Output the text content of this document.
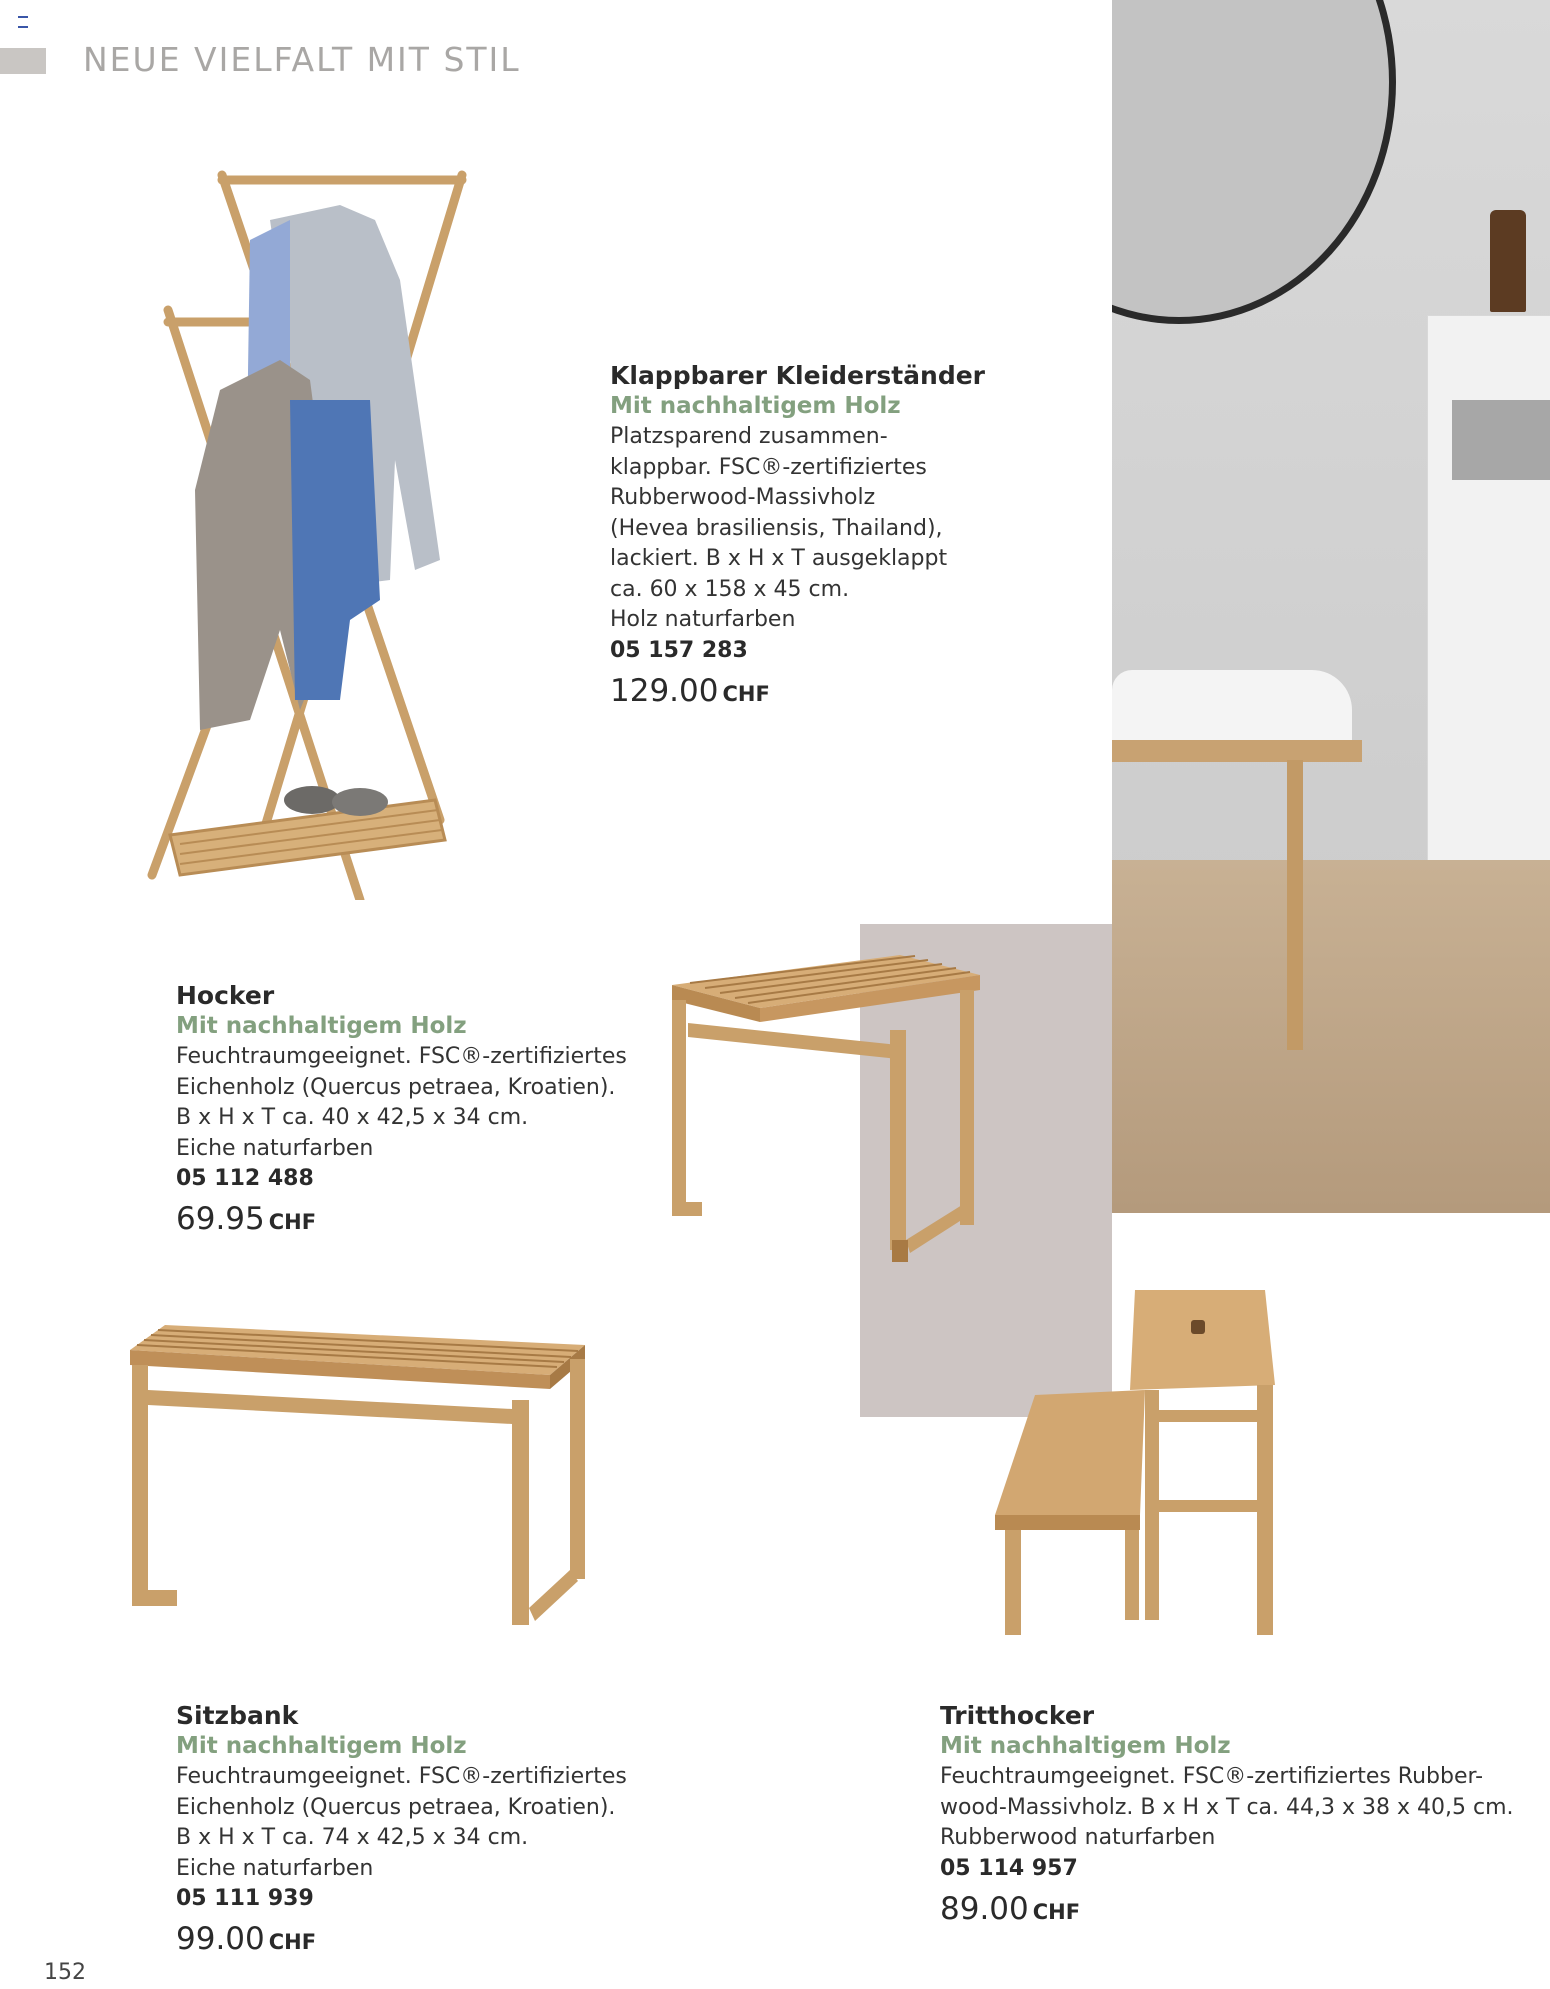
NEUE VIELFALT MIT STIL
Klappbarer Kleiderständer
Mit nachhaltigem Holz
Platzsparend zusammen-
klappbar. FSC®-zertifiziertes
Rubberwood-Massivholz
(Hevea brasiliensis, Thailand),
lackiert. B x H x T ausgeklappt
ca. 60 x 158 x 45 cm.
Holz naturfarben
05 157 283
129.00 CHF
Hocker
Mit nachhaltigem Holz
Feuchtraumgeeignet. FSC®-zertifiziertes
Eichenholz (Quercus petraea, Kroatien).
B x H x T ca. 40 x 42,5 x 34 cm.
Eiche naturfarben
05 112 488
69.95 CHF
Sitzbank
Mit nachhaltigem Holz
Feuchtraumgeeignet. FSC®-zertifiziertes
Eichenholz (Quercus petraea, Kroatien).
B x H x T ca. 74 x 42,5 x 34 cm.
Eiche naturfarben
05 111 939
99.00 CHF
Tritthocker
Mit nachhaltigem Holz
Feuchtraumgeeignet. FSC®-zertifiziertes Rubber-
wood-Massivholz. B x H x T ca. 44,3 x 38 x 40,5 cm.
Rubberwood naturfarben
05 114 957
89.00 CHF
152
